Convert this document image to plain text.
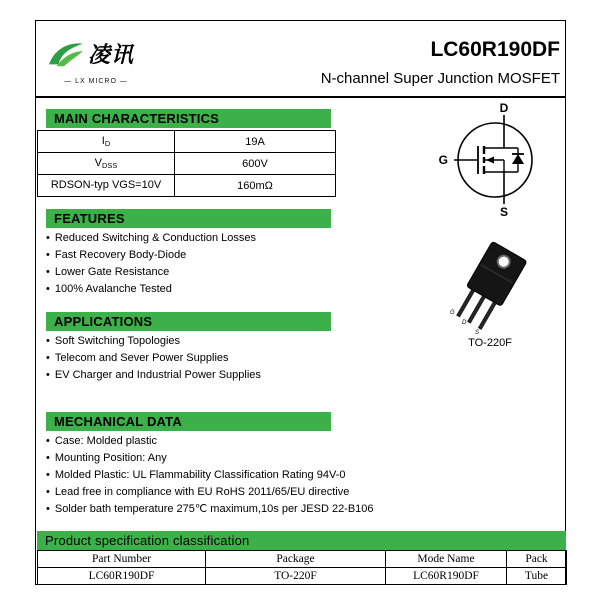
凌讯
— LX MICRO —
LC60R190DF
N-channel Super Junction MOSFET
MAIN CHARACTERISTICS
$I_D$	19A
$V_{DSS}$	600V
RDSON-typ VGS=10V	160mΩ
D
G
S
FEATURES
• Reduced Switching & Conduction Losses
• Fast Recovery Body-Diode
• Lower Gate Resistance
• 100% Avalanche Tested
G
D
S
TO-220F
APPLICATIONS
• Soft Switching Topologies
• Telecom and Sever Power Supplies
• EV Charger and Industrial Power Supplies
MECHANICAL DATA
• Case: Molded plastic
• Mounting Position: Any
• Molded Plastic: UL Flammability Classification Rating 94V-0
• Lead free in compliance with EU RoHS 2011/65/EU directive
• Solder bath temperature 275℃ maximum,10s per JESD 22-B106
Product specification classification
Part Number	Package	Mode Name	Pack
LC60R190DF	TO-220F	LC60R190DF	Tube
